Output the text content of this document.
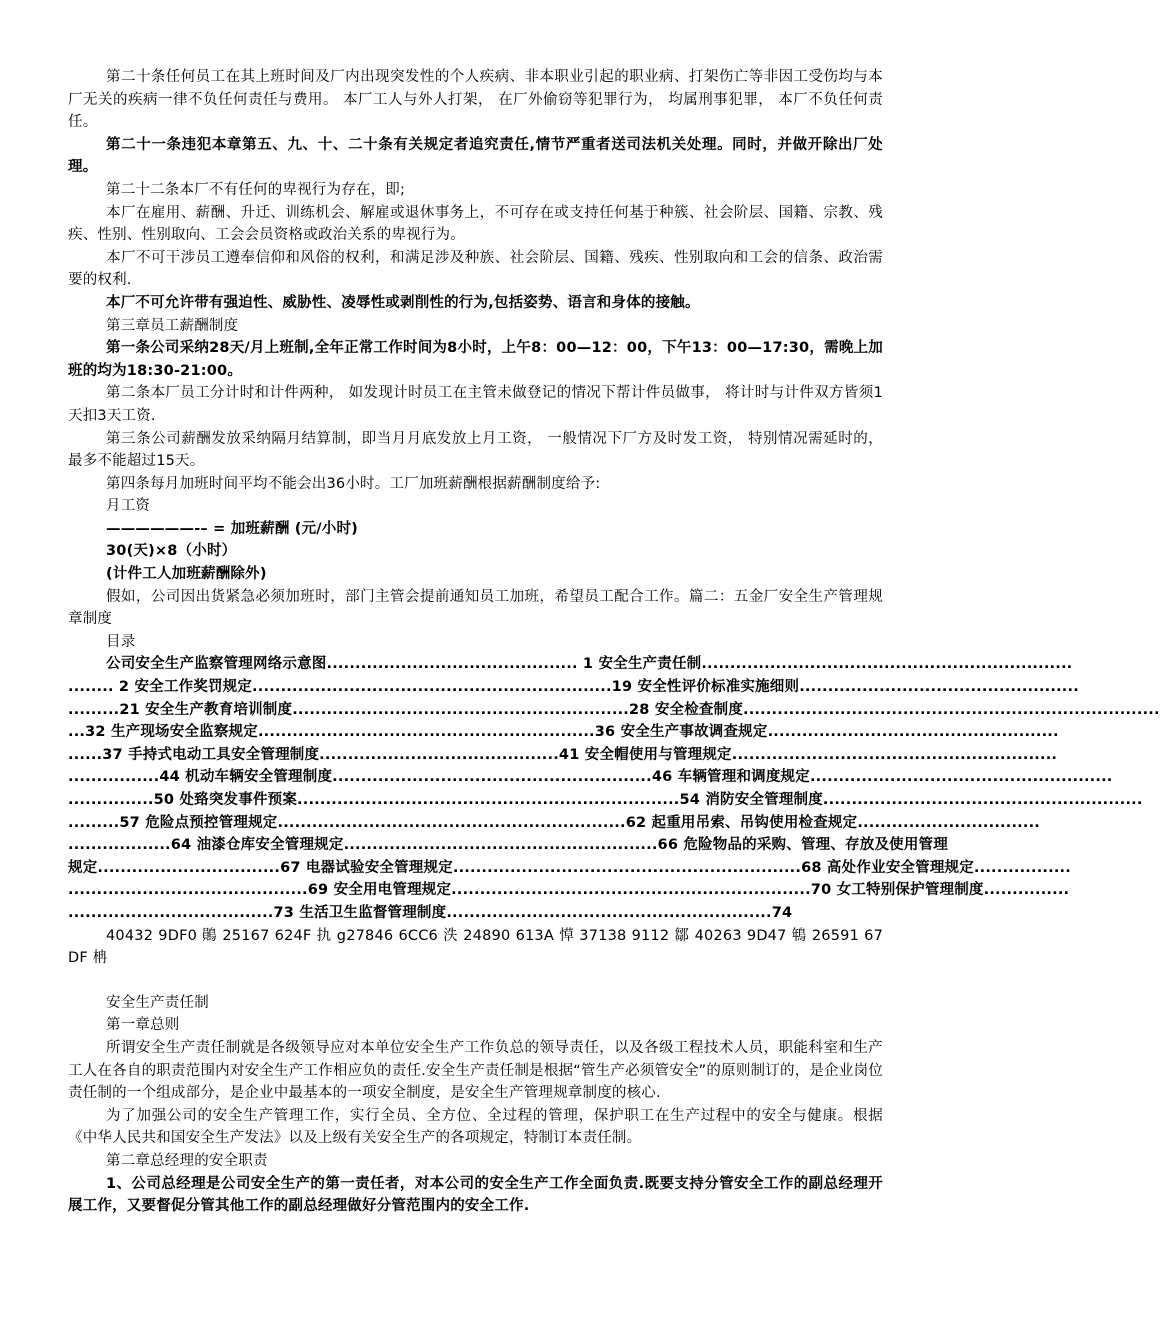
第二十条任何员工在其上班时间及厂内出现突发性的个人疾病、非本职业引起的职业病、打架伤亡等非因工受伤均与本厂无关的疾病一律不负任何责任与费用。 本厂工人与外人打架， 在厂外偷窃等犯罪行为， 均属刑事犯罪， 本厂不负任何责任。

第二十一条违犯本章第五、九、十、二十条有关规定者追究责任,情节严重者送司法机关处理。同时，并做开除出厂处理。

第二十二条本厂不有任何的卑视行为存在，即;

本厂在雇用、薪酬、升迁、训练机会、解雇或退休事务上，不可存在或支持任何基于种簇、社会阶层、国籍、宗教、残疾、性别、性别取向、工会会员资格或政治关系的卑视行为。

本厂不可干涉员工遵奉信仰和风俗的权利，和满足涉及种族、社会阶层、国籍、残疾、性别取向和工会的信条、政治需要的权利.

本厂不可允许带有强迫性、威胁性、凌辱性或剥削性的行为,包括姿势、语言和身体的接触。

第三章员工薪酬制度

第一条公司采纳28天/月上班制,全年正常工作时间为8小时，上午8：00—12：00，下午13：00—17:30，需晚上加班的均为18:30-21:00。

第二条本厂员工分计时和计件两种， 如发现计时员工在主管未做登记的情况下帮计件员做事， 将计时与计件双方皆须1天扣3天工资.

第三条公司薪酬发放采纳隔月结算制，即当月月底发放上月工资， 一般情况下厂方及时发工资， 特别情况需延时的， 最多不能超过15天。

第四条每月加班时间平均不能会出36小时。工厂加班薪酬根据薪酬制度给予:

月工资

——————-– = 加班薪酬 (元/小时)

30(天)×8（小时）

(计件工人加班薪酬除外)

假如，公司因出货紧急必须加班时，部门主管会提前通知员工加班，希望员工配合工作。篇二：五金厂安全生产管理规章制度

目录

公司安全生产监察管理网络示意图............................................ 1 安全生产责任制.................................................................

........ 2 安全工作奖罚规定...............................................................19 安全性评价标准实施细则.................................................

.........21 安全生产教育培训制度...........................................................28 安全检查制度.........................................................................

...32 生产现场安全监察规定...........................................................36 安全生产事故调查规定...................................................

......37 手持式电动工具安全管理制度..........................................41 安全帽使用与管理规定.........................................................

................44 机动车辆安全管理制度........................................................46 车辆管理和调度规定.....................................................

...............50 处臵突发事件预案...................................................................54 消防安全管理制度........................................................

.........57 危险点预控管理规定.............................................................62 起重用吊索、吊钩使用检查规定................................

..................64 油漆仓库安全管理规定.......................................................66 危险物品的采购、管理、存放及使用管理

规定................................67 电器试验安全管理规定.............................................................68 高处作业安全管理规定.................

..........................................69 安全用电管理规定...............................................................70 女工特别保护管理制度...............

....................................73 生活卫生监督管理制度.........................................................74

40432 9DF0 鶰 25167 624F 扏 g27846 6CC6 泆 24890 613A 愺 37138 9112 鄒 40263 9D47 鵇 26591 67DF 柟

安全生产责任制

第一章总则

所谓安全生产责任制就是各级领导应对本单位安全生产工作负总的领导责任，以及各级工程技术人员，职能科室和生产工人在各自的职责范围内对安全生产工作相应负的责任.安全生产责任制是根据“管生产必须管安全”的原则制订的，是企业岗位责任制的一个组成部分，是企业中最基本的一项安全制度，是安全生产管理规章制度的核心.

为了加强公司的安全生产管理工作，实行全员、全方位、全过程的管理，保护职工在生产过程中的安全与健康。根据《中华人民共和国安全生产发法》以及上级有关安全生产的各项规定，特制订本责任制。

第二章总经理的安全职责

1、公司总经理是公司安全生产的第一责任者，对本公司的安全生产工作全面负责.既要支持分管安全工作的副总经理开展工作，又要督促分管其他工作的副总经理做好分管范围内的安全工作.
